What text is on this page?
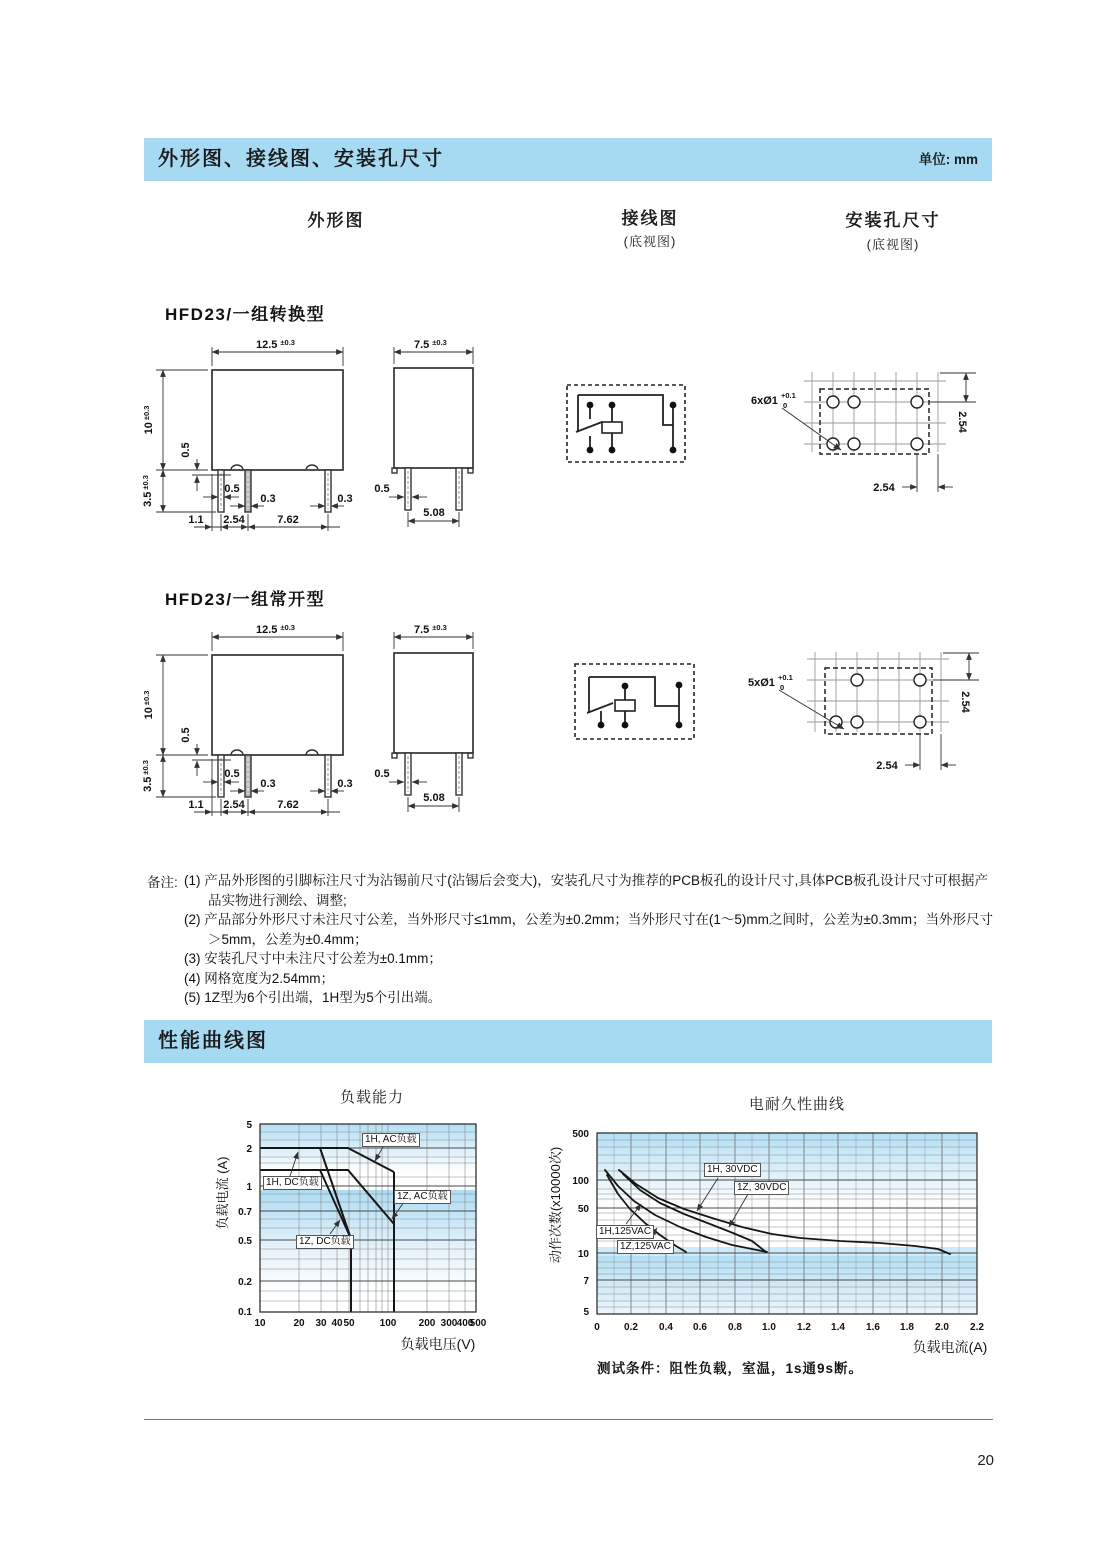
外形图、接线图、安装孔尺寸	单位: mm
外形图	接线图
(底视图)
安装孔尺寸
(底视图)
HFD23/一组转换型
HFD23/一组常开型
备注: (1) 产品外形图的引脚标注尺寸为沾锡前尺寸(沾锡后会变大)，安装孔尺寸为推荐的PCB板孔的设计尺寸,具体PCB板孔设计尺寸可根据产品实物进行测绘、调整;
(2) 产品部分外形尺寸未注尺寸公差，当外形尺寸≤1mm，公差为±0.2mm；当外形尺寸在(1～5)mm之间时，公差为±0.3mm；当外形尺寸＞5mm，公差为±0.4mm；
(3) 安装孔尺寸中未注尺寸公差为±0.1mm；
(4) 网格宽度为2.54mm；
(5) 1Z型为6个引出端，1H型为5个引出端。
性能曲线图
负载能力	电耐久性曲线
12.5 $^{\pm 0.3}$
$10^{\pm 0.3}$
$3.5^{\pm 0.3}$
0.5
0.5
0.3	0.3
1.1 2.54	7.62
7.5 $^{\pm 0.3}$
0.5
5.08
6xØ1 +0.1
0
2.54
2.54
5xØ1 +0.1
0
2.54
2.54
10	20 30 40 50	100 200 300 400
500
5
2
1
0.7
0.5
0.2
0.1
负载电流 (A)
负载电压(V)
0 0.2 0.4 0.6 0.8 1.0 1.2 1.4 1.6 1.8 2.0 2.2
500
100
50
10
7
5
动作次数(x10000次)
负载电流(A)
1H, AC负载
1H, DC负载
1Z, AC负载
1Z, DC负载
1H, 30VDC
1Z, 30VDC
1H,125VAC
1Z,125VAC
测试条件：阻性负载，室温，1s通9s断。
20
